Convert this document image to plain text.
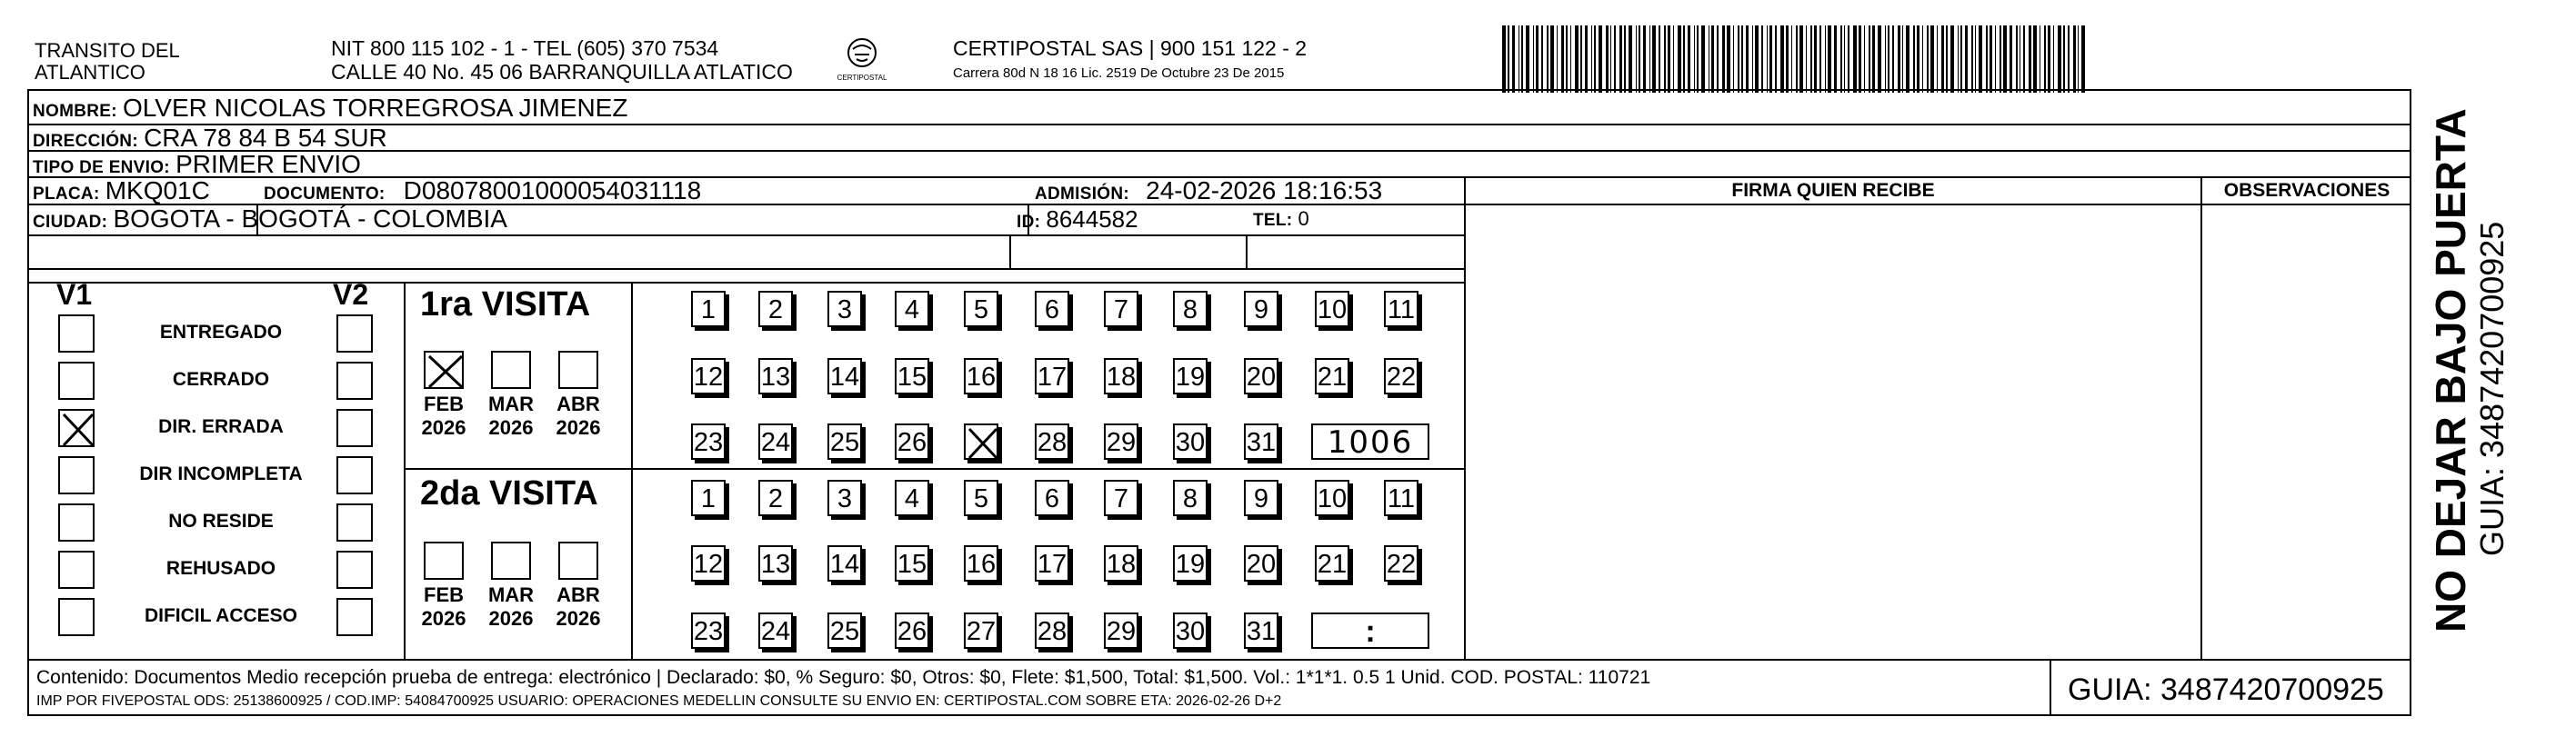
TRANSITO DEL
ATLANTICO
NIT 800 115 102 - 1 - TEL (605) 370 7534
CALLE 40 No. 45 06 BARRANQUILLA ATLATICO	CERTIPOSTAL
CERTIPOSTAL SAS | 900 151 122 - 2
Carrera 80d N 18 16 Lic. 2519 De Octubre 23 De 2015
NOMBRE: OLVER NICOLAS TORREGROSA JIMENEZ
DIRECCIÓN: CRA 78 84 B 54 SUR
TIPO DE ENVIO: PRIMER ENVIO
PLACA: MKQ01C	DOCUMENTO: D08078001000054031118	ADMISIÓN: 24-02-2026 18:16:53
CIUDAD: BOGOTA - BOGOTÁ - COLOMBIA	ID: 8644582	TEL: 0
FIRMA QUIEN RECIBE	OBSERVACIONES
V1	V2
ENTREGADO
CERRADO
DIR. ERRADA
DIR INCOMPLETA
NO RESIDE
REHUSADO
DIFICIL ACCESO
1ra VISITA
2da VISITA
FEB
2026
MAR
2026
ABR
2026
FEB
2026
MAR
2026
ABR
2026
1	2	3	4	5	6	7	8	9	10 11
12 13 14 15 16 17 18 19 20 21 22
23 24 25 26	28 29 30 31	1006
1	2	3	4	5	6	7	8	9	10 11
12 13 14 15 16 17 18 19 20 21 22
23 24 25 26 27 28 29 30 31	:
Contenido: Documentos Medio recepción prueba de entrega: electrónico | Declarado: $0, % Seguro: $0, Otros: $0, Flete: $1,500, Total: $1,500. Vol.: 1*1*1. 0.5 1 Unid. COD. POSTAL: 110721
IMP POR FIVEPOSTAL ODS: 25138600925 / COD.IMP: 54084700925 USUARIO: OPERACIONES MEDELLIN CONSULTE SU ENVIO EN: CERTIPOSTAL.COM SOBRE ETA: 2026-02-26 D+2	GUIA: 3487420700925
NO DEJAR BAJO PUERTA GUIA: 3487420700925
